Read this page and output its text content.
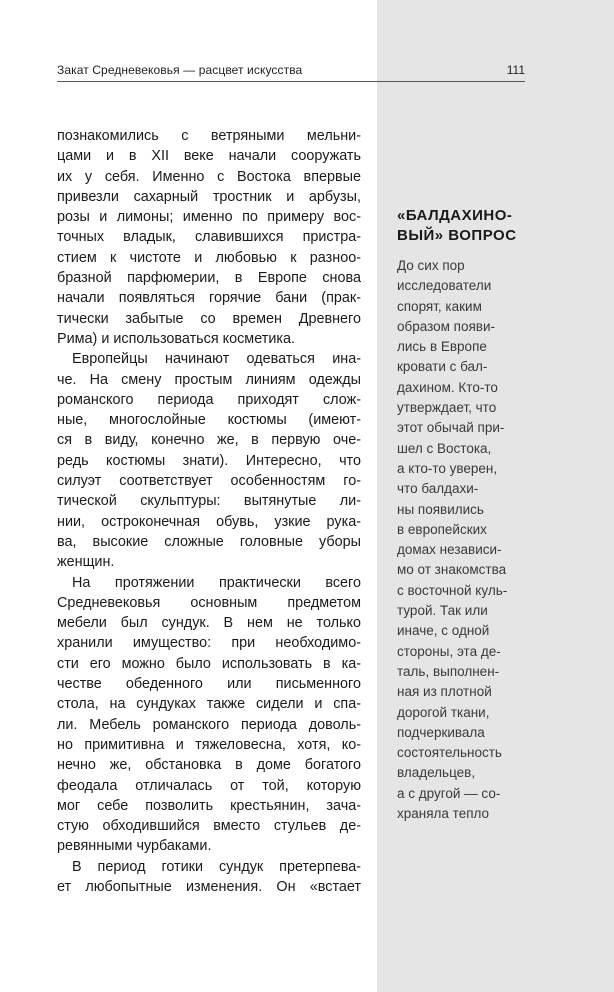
Закат Средневековья — расцвет искусства	111

познакомились с ветряными мельни-
цами и в XII веке начали сооружать
их у себя. Именно с Востока впервые
привезли сахарный тростник и арбузы,
розы и лимоны; именно по примеру вос-
точных владык, славившихся пристра-
стием к чистоте и любовью к разноо-
бразной парфюмерии, в Европе снова
начали появляться горячие бани (прак-
тически забытые со времен Древнего
Рима) и использоваться косметика.

Европейцы начинают одеваться ина-
че. На смену простым линиям одежды
романского периода приходят слож-
ные, многослойные костюмы (имеют-
ся в виду, конечно же, в первую оче-
редь костюмы знати). Интересно, что
силуэт соответствует особенностям го-
тической скульптуры: вытянутые ли-
нии, остроконечная обувь, узкие рука-
ва, высокие сложные головные уборы
женщин.

На протяжении практически всего
Средневековья основным предметом
мебели был сундук. В нем не только
хранили имущество: при необходимо-
сти его можно было использовать в ка-
честве обеденного или письменного
стола, на сундуках также сидели и спа-
ли. Мебель романского периода доволь-
но примитивна и тяжеловесна, хотя, ко-
нечно же, обстановка в доме богатого
феодала отличалась от той, которую
мог себе позволить крестьянин, зача-
стую обходившийся вместо стульев де-
ревянными чурбаками.

В период готики сундук претерпева-
ет любопытные изменения. Он «встает

«БАЛДАХИНО-
ВЫЙ» ВОПРОС
До сих пор
исследователи
спорят, каким
образом появи-
лись в Европе
кровати с бал-
дахином. Кто-то
утверждает, что
этот обычай при-
шел с Востока,
а кто-то уверен,
что балдахи-
ны появились
в европейских
домах независи-
мо от знакомства
с восточной куль-
турой. Так или
иначе, с одной
стороны, эта де-
таль, выполнен-
ная из плотной
дорогой ткани,
подчеркивала
состоятельность
владельцев,
а с другой — со-
храняла тепло
